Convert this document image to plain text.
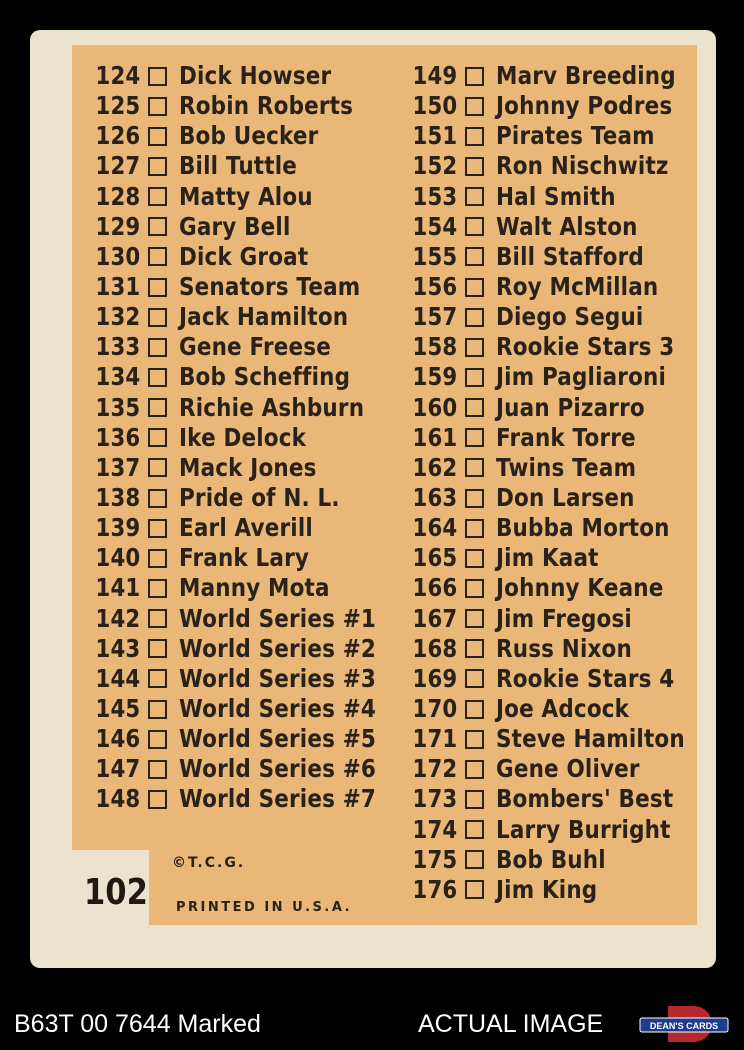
124 Dick Howser
125 Robin Roberts
126 Bob Uecker
127 Bill Tuttle
128 Matty Alou
129 Gary Bell
130 Dick Groat
131 Senators Team
132 Jack Hamilton
133 Gene Freese
134 Bob Scheffing
135 Richie Ashburn
136 Ike Delock
137 Mack Jones
138 Pride of N. L.
139 Earl Averill
140 Frank Lary
141 Manny Mota
142 World Series #1
143 World Series #2
144 World Series #3
145 World Series #4
146 World Series #5
147 World Series #6
148 World Series #7
149 Marv Breeding
150 Johnny Podres
151 Pirates Team
152 Ron Nischwitz
153 Hal Smith
154 Walt Alston
155 Bill Stafford
156 Roy McMillan
157 Diego Segui
158 Rookie Stars 3
159 Jim Pagliaroni
160 Juan Pizarro
161 Frank Torre
162 Twins Team
163 Don Larsen
164 Bubba Morton
165 Jim Kaat
166 Johnny Keane
167 Jim Fregosi
168 Russ Nixon
169 Rookie Stars 4
170 Joe Adcock
171 Steve Hamilton
172 Gene Oliver
173 Bombers' Best
174 Larry Burright
175 Bob Buhl
176 Jim King
102
©T.C.G.
PRINTED IN U.S.A.
B63T 00 7644 Marked	ACTUAL IMAGE	DEAN'S CARDS
